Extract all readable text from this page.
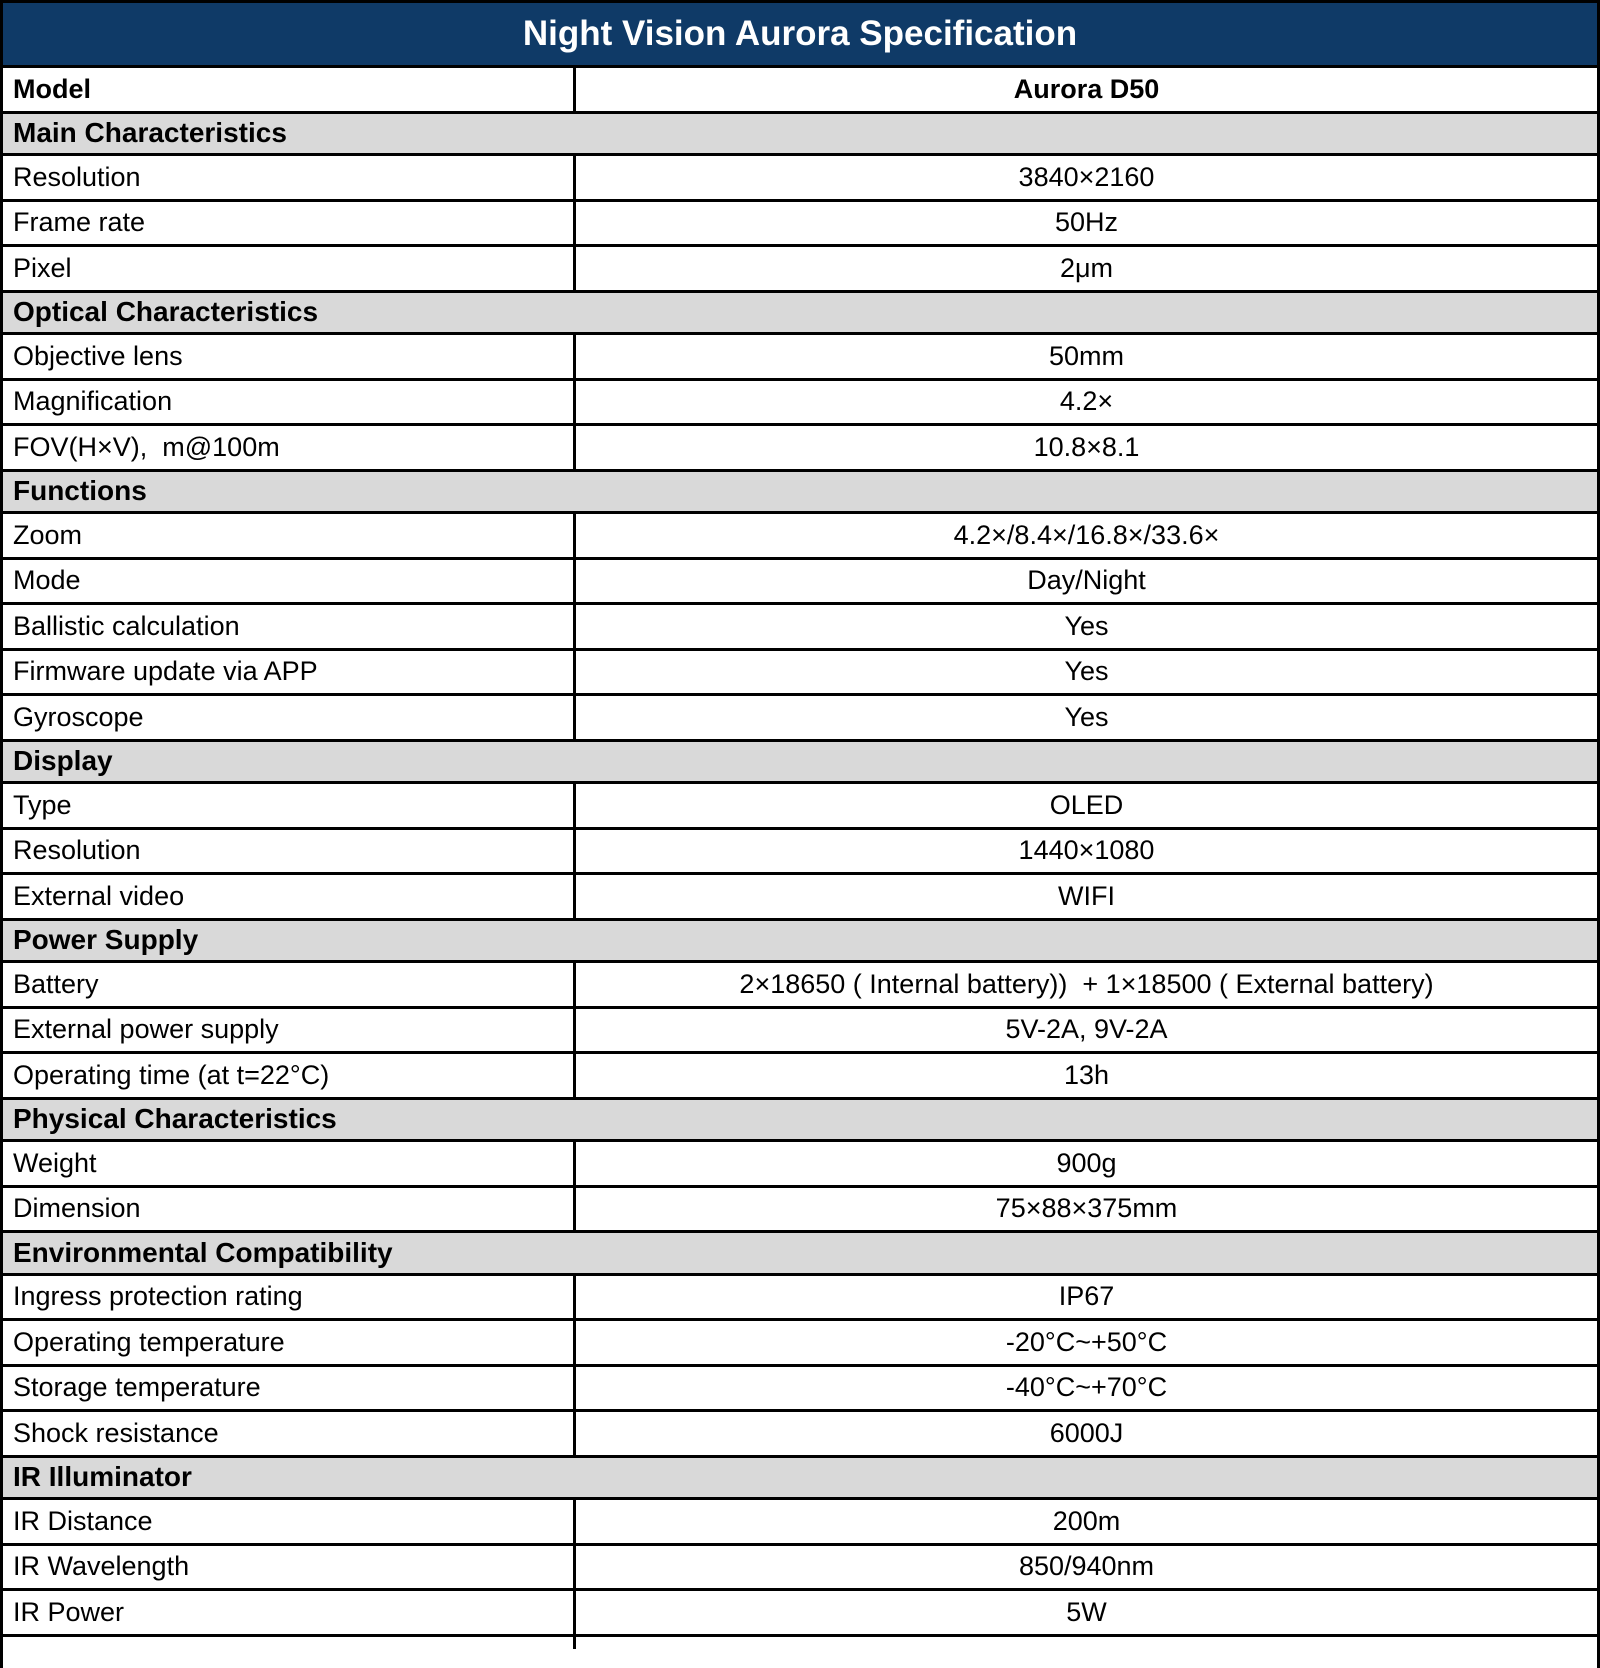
Night Vision Aurora Specification
Model	Aurora D50
Main Characteristics
Resolution	3840×2160
Frame rate	50Hz
Pixel	2μm
Optical Characteristics
Objective lens	50mm
Magnification	4.2×
FOV(H×V),  m@100m	10.8×8.1
Functions
Zoom	4.2×/8.4×/16.8×/33.6×
Mode	Day/Night
Ballistic calculation	Yes
Firmware update via APP	Yes
Gyroscope	Yes
Display
Type	OLED
Resolution	1440×1080
External video	WIFI
Power Supply
Battery	2×18650 ( Internal battery))  + 1×18500 ( External battery)
External power supply	5V-2A, 9V-2A
Operating time (at t=22°C)	13h
Physical Characteristics
Weight	900g
Dimension	75×88×375mm
Environmental Compatibility
Ingress protection rating	IP67
Operating temperature	-20°C~+50°C
Storage temperature	-40°C~+70°C
Shock resistance	6000J
IR Illuminator
IR Distance	200m
IR Wavelength	850/940nm
IR Power	5W
